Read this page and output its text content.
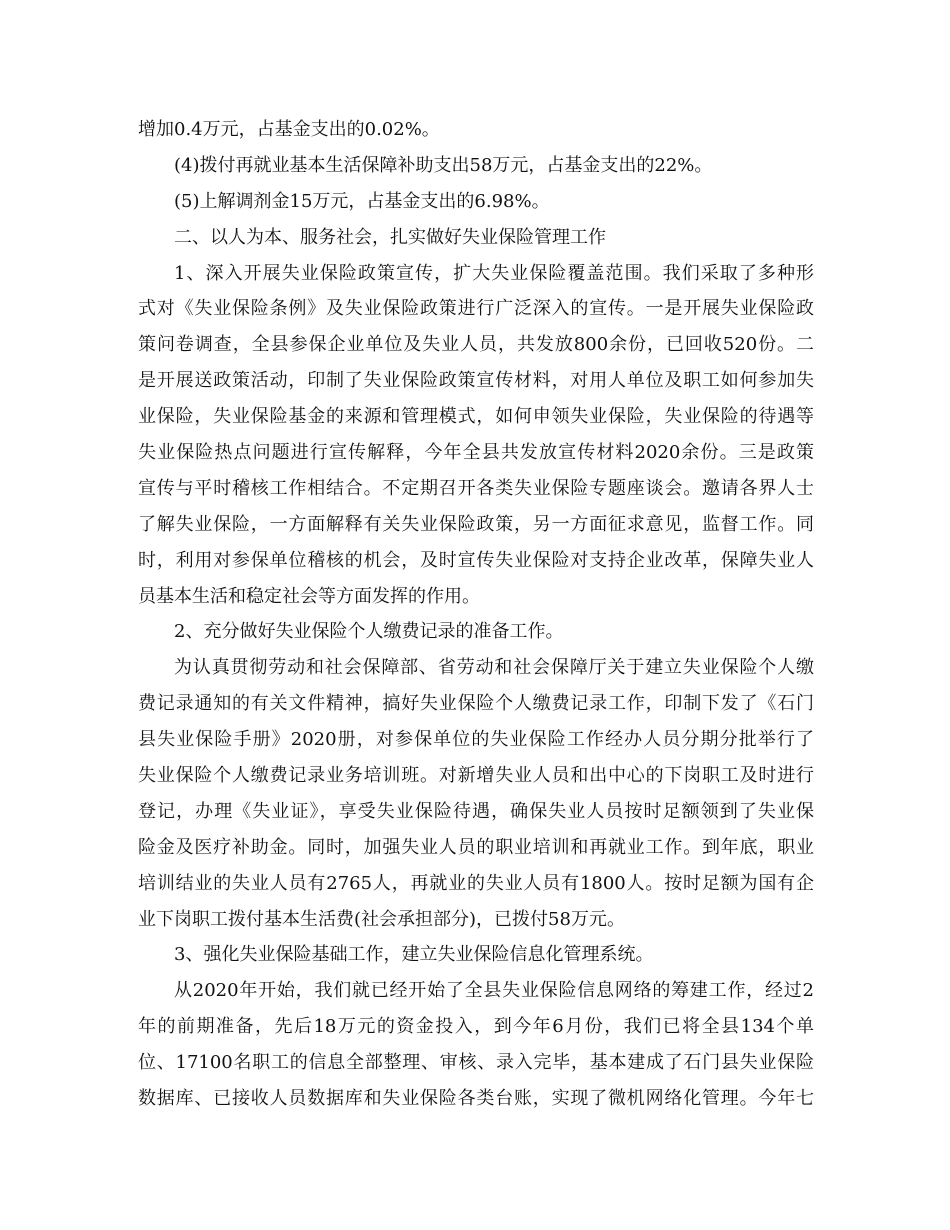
增加0.4万元，占基金支出的0.02%。
(4)拨付再就业基本生活保障补助支出58万元，占基金支出的22%。
(5)上解调剂金15万元，占基金支出的6.98%。
二、以人为本、服务社会，扎实做好失业保险管理工作
1、深入开展失业保险政策宣传，扩大失业保险覆盖范围。我们采取了多种形
式对《失业保险条例》及失业保险政策进行广泛深入的宣传。一是开展失业保险政
策问卷调查，全县参保企业单位及失业人员，共发放800余份，已回收520份。二
是开展送政策活动，印制了失业保险政策宣传材料，对用人单位及职工如何参加失
业保险，失业保险基金的来源和管理模式，如何申领失业保险，失业保险的待遇等
失业保险热点问题进行宣传解释，今年全县共发放宣传材料2020余份。三是政策
宣传与平时稽核工作相结合。不定期召开各类失业保险专题座谈会。邀请各界人士
了解失业保险，一方面解释有关失业保险政策，另一方面征求意见，监督工作。同
时，利用对参保单位稽核的机会，及时宣传失业保险对支持企业改革，保障失业人
员基本生活和稳定社会等方面发挥的作用。
2、充分做好失业保险个人缴费记录的准备工作。
为认真贯彻劳动和社会保障部、省劳动和社会保障厅关于建立失业保险个人缴
费记录通知的有关文件精神，搞好失业保险个人缴费记录工作，印制下发了《石门
县失业保险手册》2020册，对参保单位的失业保险工作经办人员分期分批举行了
失业保险个人缴费记录业务培训班。对新增失业人员和出中心的下岗职工及时进行
登记，办理《失业证》，享受失业保险待遇，确保失业人员按时足额领到了失业保
险金及医疗补助金。同时，加强失业人员的职业培训和再就业工作。到年底，职业
培训结业的失业人员有2765人，再就业的失业人员有1800人。按时足额为国有企
业下岗职工拨付基本生活费(社会承担部分)，已拨付58万元。
3、强化失业保险基础工作，建立失业保险信息化管理系统。
从2020年开始，我们就已经开始了全县失业保险信息网络的筹建工作，经过2
年的前期准备，先后18万元的资金投入，到今年6月份，我们已将全县134个单
位、17100名职工的信息全部整理、审核、录入完毕，基本建成了石门县失业保险
数据库、已接收人员数据库和失业保险各类台账，实现了微机网络化管理。今年七
